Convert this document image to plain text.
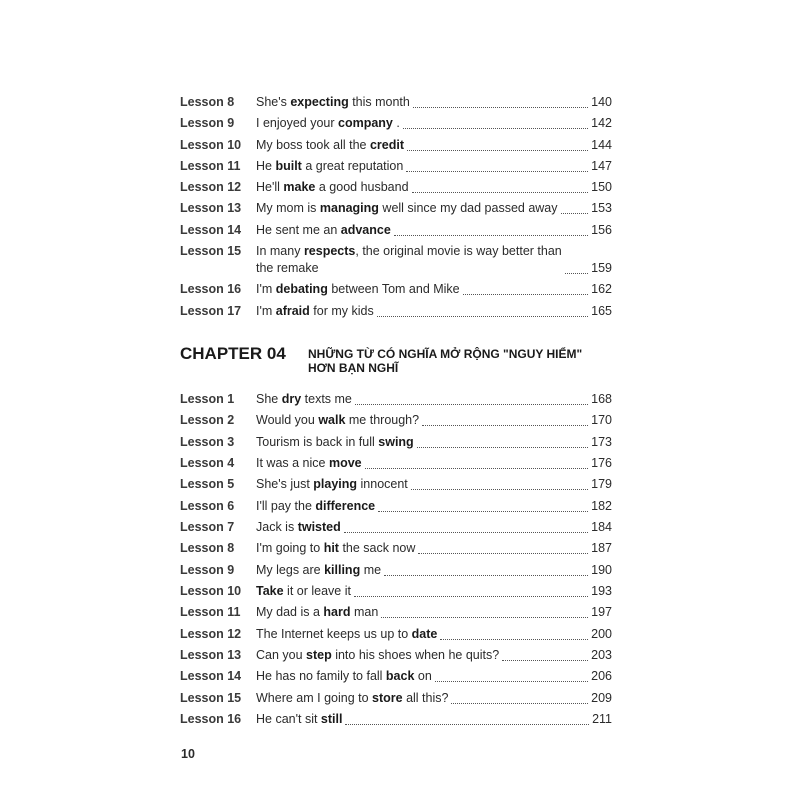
Lesson 8	She's expecting this month	140
Lesson 9	I enjoyed your company .	142
Lesson 10	My boss took all the credit	144
Lesson 11	He built a great reputation	147
Lesson 12	He'll make a good husband	150
Lesson 13	My mom is managing well since my dad passed away	153
Lesson 14	He sent me an advance	156
Lesson 15	In many respects, the original movie is way better than
the remake	159
Lesson 16	I'm debating between Tom and Mike	162
Lesson 17	I'm afraid for my kids	165
CHAPTER 04	NHỮNG TỪ CÓ NGHĨA MỞ RỘNG "NGUY HIỂM"
HƠN BẠN NGHĨ
Lesson 1	She dry texts me	168
Lesson 2	Would you walk me through?	170
Lesson 3	Tourism is back in full swing	173
Lesson 4	It was a nice move	176
Lesson 5	She's just playing innocent	179
Lesson 6	I'll pay the difference	182
Lesson 7	Jack is twisted	184
Lesson 8	I'm going to hit the sack now	187
Lesson 9	My legs are killing me	190
Lesson 10	Take it or leave it	193
Lesson 11	My dad is a hard man	197
Lesson 12	The Internet keeps us up to date	200
Lesson 13	Can you step into his shoes when he quits?	203
Lesson 14	He has no family to fall back on	206
Lesson 15	Where am I going to store all this?	209
Lesson 16	He can't sit still	211
10
